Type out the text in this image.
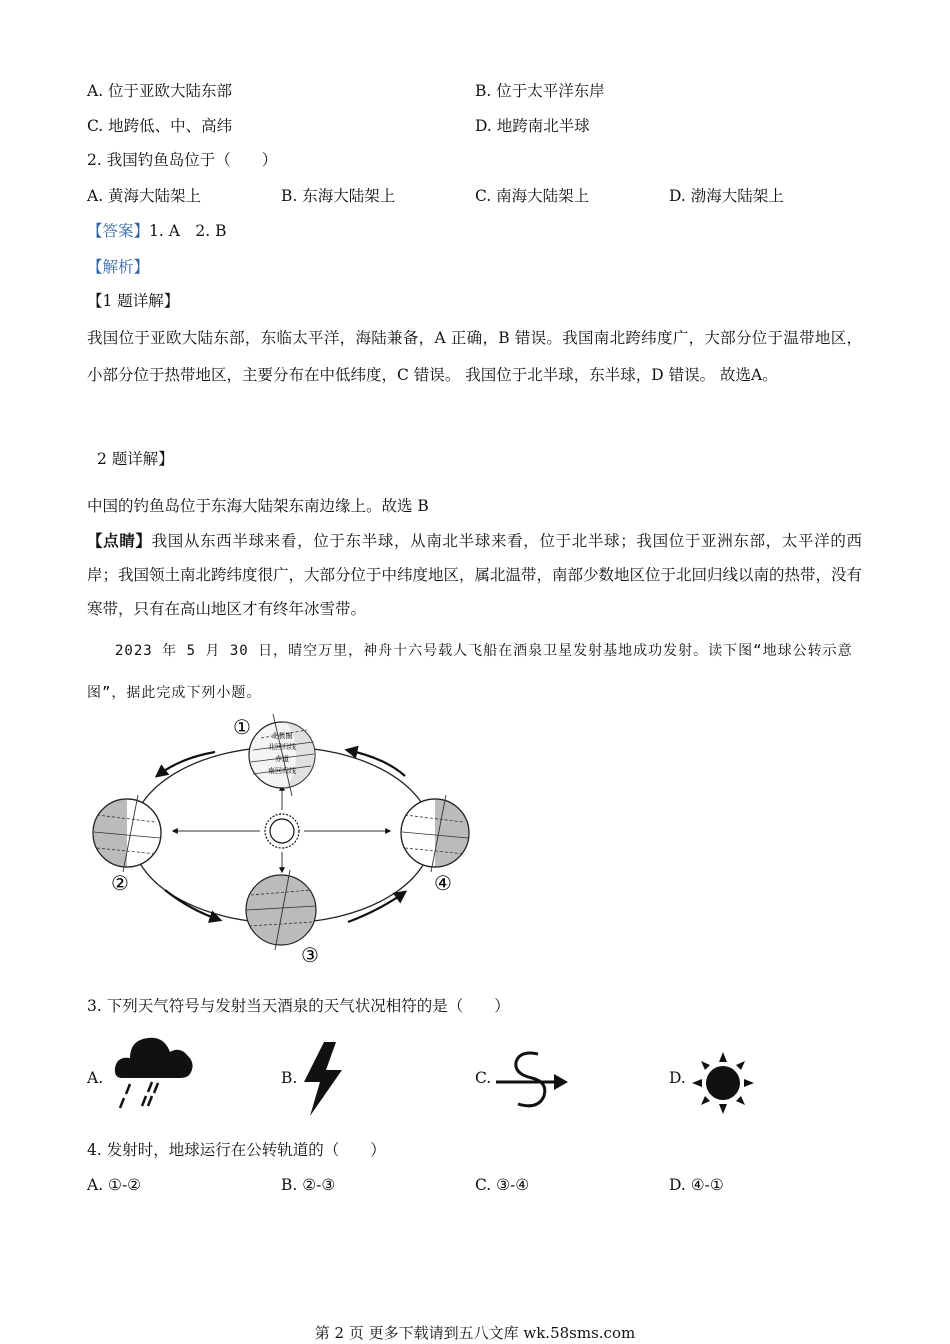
A. 位于亚欧大陆东部	B. 位于太平洋东岸
C. 地跨低、中、高纬	D. 地跨南北半球
2. 我国钓鱼岛位于（　　）
A. 黄海大陆架上	B. 东海大陆架上	C. 南海大陆架上	D. 渤海大陆架上
【答案】1. A　2. B
【解析】
【1 题详解】
我国位于亚欧大陆东部，东临太平洋，海陆兼备，A 正确，B 错误。我国南北跨纬度广，大部分位于温带地区，小部分位于热带地区，主要分布在中低纬度，C 错误。 我国位于北半球，东半球，D 错误。 故选A。
2 题详解】
中国的钓鱼岛位于东海大陆架东南边缘上。故选 B
【点睛】我国从东西半球来看，位于东半球，从南北半球来看，位于北半球；我国位于亚洲东部，太平洋的西岸；我国领土南北跨纬度很广，大部分位于中纬度地区，属北温带，南部少数地区位于北回归线以南的热带，没有寒带，只有在高山地区才有终年冰雪带。
2023 年 5 月 30 日，晴空万里，神舟十六号载人飞船在酒泉卫星发射基地成功发射。读下图“地球公转示意图”，据此完成下列小题。
北极圈
北回归线
赤道
南回归线
①
②
③
④
3. 下列天气符号与发射当天酒泉的天气状况相符的是（　　）
A.	B.	C.	D.
4. 发射时，地球运行在公转轨道的（　　）
A. ①-②	B. ②-③	C. ③-④	D. ④-①
第 2 页 更多下载请到五八文库 wk.58sms.com
